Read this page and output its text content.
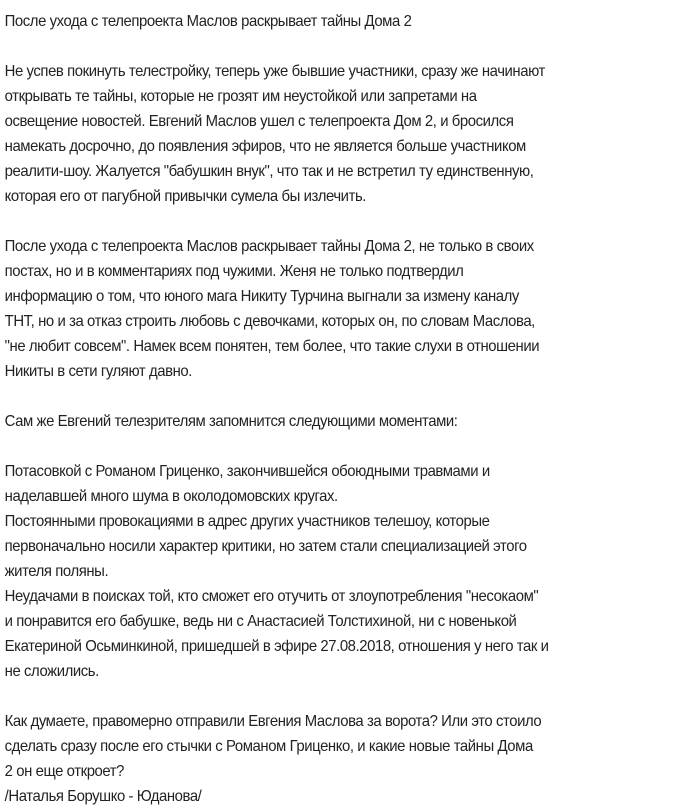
После ухода с телепроекта Маслов раскрывает тайны Дома 2

Не успев покинуть телестройку, теперь уже бывшие участники, сразу же начинают
открывать те тайны, которые не грозят им неустойкой или запретами на
освещение новостей. Евгений Маслов ушел с телепроекта Дом 2, и бросился
намекать досрочно, до появления эфиров, что не является больше участником
реалити-шоу. Жалуется "бабушкин внук", что так и не встретил ту единственную,
которая его от пагубной привычки сумела бы излечить.

После ухода с телепроекта Маслов раскрывает тайны Дома 2, не только в своих
постах, но и в комментариях под чужими. Женя не только подтвердил
информацию о том, что юного мага Никиту Турчина выгнали за измену каналу
ТНТ, но и за отказ строить любовь с девочками, которых он, по словам Маслова,
"не любит совсем". Намек всем понятен, тем более, что такие слухи в отношении
Никиты в сети гуляют давно.

Сам же Евгений телезрителям запомнится следующими моментами:

Потасовкой с Романом Гриценко, закончившейся обоюдными травмами и
наделавшей много шума в околодомовских кругах.
Постоянными провокациями в адрес других участников телешоу, которые
первоначально носили характер критики, но затем стали специализацией этого
жителя поляны.
Неудачами в поисках той, кто сможет его отучить от злоупотребления "несокаом"
и понравится его бабушке, ведь ни с Анастасией Толстихиной, ни с новенькой
Екатериной Осьминкиной, пришедшей в эфире 27.08.2018, отношения у него так и
не сложились.

Как думаете, правомерно отправили Евгения Маслова за ворота? Или это стоило
сделать сразу после его стычки с Романом Гриценко, и какие новые тайны Дома
2 он еще откроет?
/Наталья Борушко - Юданова/
